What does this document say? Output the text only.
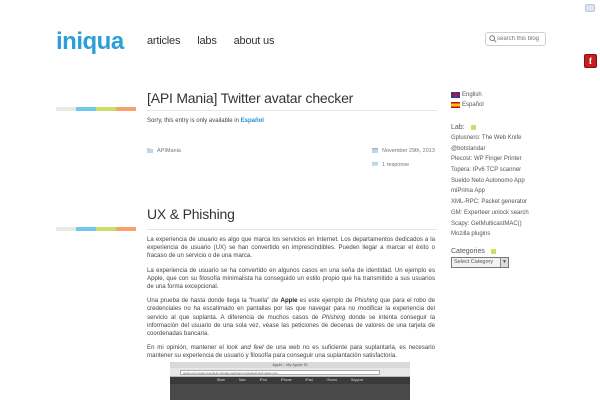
iniqua articles labs about us
search this blog
f
[API Mania] Twitter avatar checker
Sorry, this entry is only available in Español
APIMania	November 29th, 2013
1 response
UX & Phishing

La experiencia de usuario es algo que marca los servicios en Internet. Los departamentos dedicados a la experiencia de usuario (UX) se han convertido en imprescindibles. Pueden llegar a marcar el éxito o fracaso de un servicio o de una marca.

La experiencia de usuario se ha convertido en algunos casos en una seña de identidad. Un ejemplo es Apple, que con su filosofía minimalista ha conseguido un estilo propio que ha transmitido a sus usuarios de una forma excepcional.

Una prueba de hasta donde llega la "huella" de Apple es este ejemplo de Phishing que para el robo de credenciales no ha escatimado en pantallas por las que navegar para no modificar la experiencia del servicio al que suplanta. A diferencia de muchos casos de Phishing donde se intenta conseguir la información del usuario de una sola vez, véase las peticiones de decenas de valores de una tarjeta de coordenadas bancaria.

En mi opinión, mantener el look and feel de una web no es suficiente para suplantarla, es necesario mantener su experiencia de usuario y filosofía para conseguir una suplantación satisfactoria.

Apple - My Apple ID
apple.com.support.appleid.manage.weblogin.myappleid.web.apple.com
Store	Mac	iPod	iPhone	iPad	iTunes	Support
English
Español
Lab:
Gplusnero: The Web Knife
@botstandar
Plecost: WP Finger Printer
Topera: IPv6 TCP scanner
Sueldo Neto Autonomo App
miPrima App
XML-RPC: Packet generator
GM: Experteer unlock search
Scapy: GetMulticastMAC()
Mozilla plugins
Categories
Select Category	▼
